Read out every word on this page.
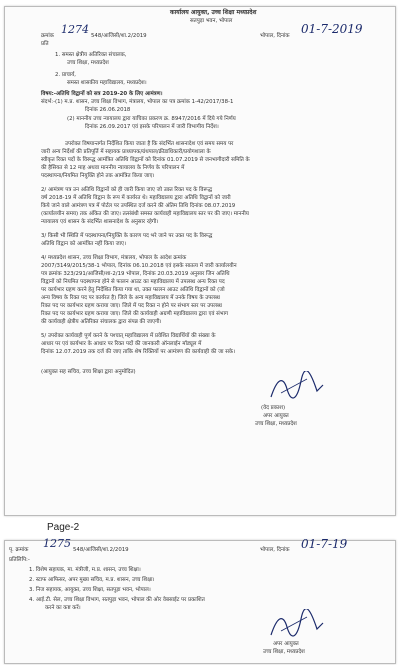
कार्यालय आयुक्त, उच्च शिक्षा मध्यप्रदेश
सतपुड़ा भवन, भोपाल
क्रमांक 1274 548/आजिसी/शा.2/2019	भोपाल, दिनांक 01-7-2019
प्रति
1. समस्त क्षेत्रीय अतिरिक्त संचालक,
उच्च शिक्षा, मध्यप्रदेश
2. प्राचार्य,
समस्त शासकीय महाविद्यालय, मध्यप्रदेश।
विषय:-अतिथि विद्वानों को सत्र 2019-20 के लिए आमंत्रण।
संदर्भ:-(1) म.प्र. शासन, उच्च शिक्षा विभाग, मंत्रालय, भोपाल का पत्र क्रमांक 1-42/2017/38-1
दिनांक 26.06.2018
(2) माननीय उच्च न्यायालय द्वारा याचिका प्रकरण क्र. 8947/2016 में दिये गये निर्णय
दिनांक 26.09.2017 एवं इसके परिपालन में जारी विभागीय निर्देश।
उपरोक्त विषयान्तर्गत निर्देशित किया जाता है कि संदर्भित शासनादेश एवं समय समय पर
जारी अन्य निर्देशों की प्रतिपूर्ति में सहायक प्राध्यापक/ग्रंथपाल/क्रीडाधिकारी/प्रयोगशाला के
स्वीकृत रिक्त पदों के विरूद्ध आमंत्रित अतिथि विद्वानों को दिनांक 01.07.2019 से जनभागीदारी समिति के
की हैसियत से 12 माह अथवा माननीय न्यायालय के निर्णय के परिपालन में
पदस्थापना/नियमित नियुक्ति होने तक आमंत्रित किया जाए।
2/ आमंत्रण पत्र उन अतिथि विद्वानों को ही जारी किया जाए जो उक्त रिक्त पद के विरूद्ध
वर्ष 2018-19 में अतिथि विद्वान के रूप में कार्यरत थे। महाविद्यालय द्वारा अतिथि विद्वानों को जारी
किये जाने वाले आमंत्रण पत्र में पोर्टल पर उपस्थित दर्ज करने की अंतिम तिथि दिनांक 08.07.2019
(कार्यालयीन समय) तक अंकित की जाए। तत्संबंधी समस्त कार्यवाही महाविद्यालय स्तर पर की जाए। माननीय
न्यायालय एवं शासन के संदर्भित शासनादेश के अनुसार रहेगी।
3/ किसी भी स्थिति में पदस्थापना/नियुक्ति के कारण पद भरे जाने पर उक्त पद के विरूद्ध
अतिथि विद्वान को आमंत्रित नहीं किया जाए।
4/ मध्यप्रदेश शासन, उच्च शिक्षा विभाग, मंत्रालय, भोपाल के आदेश क्रमांक
2007/3149/2015/38-1 भोपाल, दिनांक 06.10.2018 एवं इसके सातत्य में जारी कार्यालयीन
पत्र क्रमांक 323/291/आजिसी/शा-2/19 भोपाल, दिनांक 20.03.2019 अनुसार जिन अतिथि
विद्वानों को नियमित पदस्थापना होने से फालन आउट का महाविद्यालय में उपलब्ध अन्य रिक्त पद
पर कार्यभार ग्रहण करने हेतु निर्देशित किया गया था, उक्त फालन आउट अतिथि विद्वानों को (जो
अन्य विषय के रिक्त पद पर कार्यरत है) जिले के अन्य महाविद्यालय में उनके विषय के उपलब्ध
रिक्त पद पर कार्यभार ग्रहण कराया जाए। जिले में पद रिक्त न होने पर संभाग स्तर पर उपलब्ध
रिक्त पद पर कार्यभार ग्रहण कराया जाए। जिले की कार्यवाही अग्रणी महाविद्यालय द्वारा एवं संभाग
की कार्यवाही क्षेत्रीय अतिरिक्त संचालक द्वारा संपन्न की जाएगी।
5/ उपरोक्त कार्यवाही पूर्ण करने के पश्चात् महाविद्यालय में प्रवेशित विद्यार्थियों की संख्या के
आधार पर एवं कार्यभार के आधार पर रिक्त पदों की जानकारी ऑनलाईन मॉड्यूल में
दिनांक 12.07.2019 तक दर्ज की जाए ताकि शेष रिक्तियों पर आमंत्रण की कार्यवाही की जा सके।
(आयुक्त सह सचिव, उच्च शिक्षा द्वारा अनुमोदित)
(वेद प्रकाश)
अपर आयुक्त
उच्च शिक्षा, मध्यप्रदेश
Page-2
पृ. क्रमांक 1275 548/आजिसी/शा.2/2019	भोपाल, दिनांक 01-7-19
प्रतिलिपि:-
1. विशेष सहायक, मा. मंत्रीजी, म.प्र. शासन, उच्च शिक्षा।
2. स्टाफ आफिसर, अपर मुख्य सचिव, म.प्र. शासन, उच्च शिक्षा।
3. निज सहायक, आयुक्त, उच्च शिक्षा, सतपुड़ा भवन, भोपाल।
4. आई.टी. सेल, उच्च शिक्षा विभाग, सतपुड़ा भवन, भोपाल की ओर वेबसाईट पर प्रकाशित
करने का कष्ट करें।
अपर आयुक्त
उच्च शिक्षा, मध्यप्रदेश
